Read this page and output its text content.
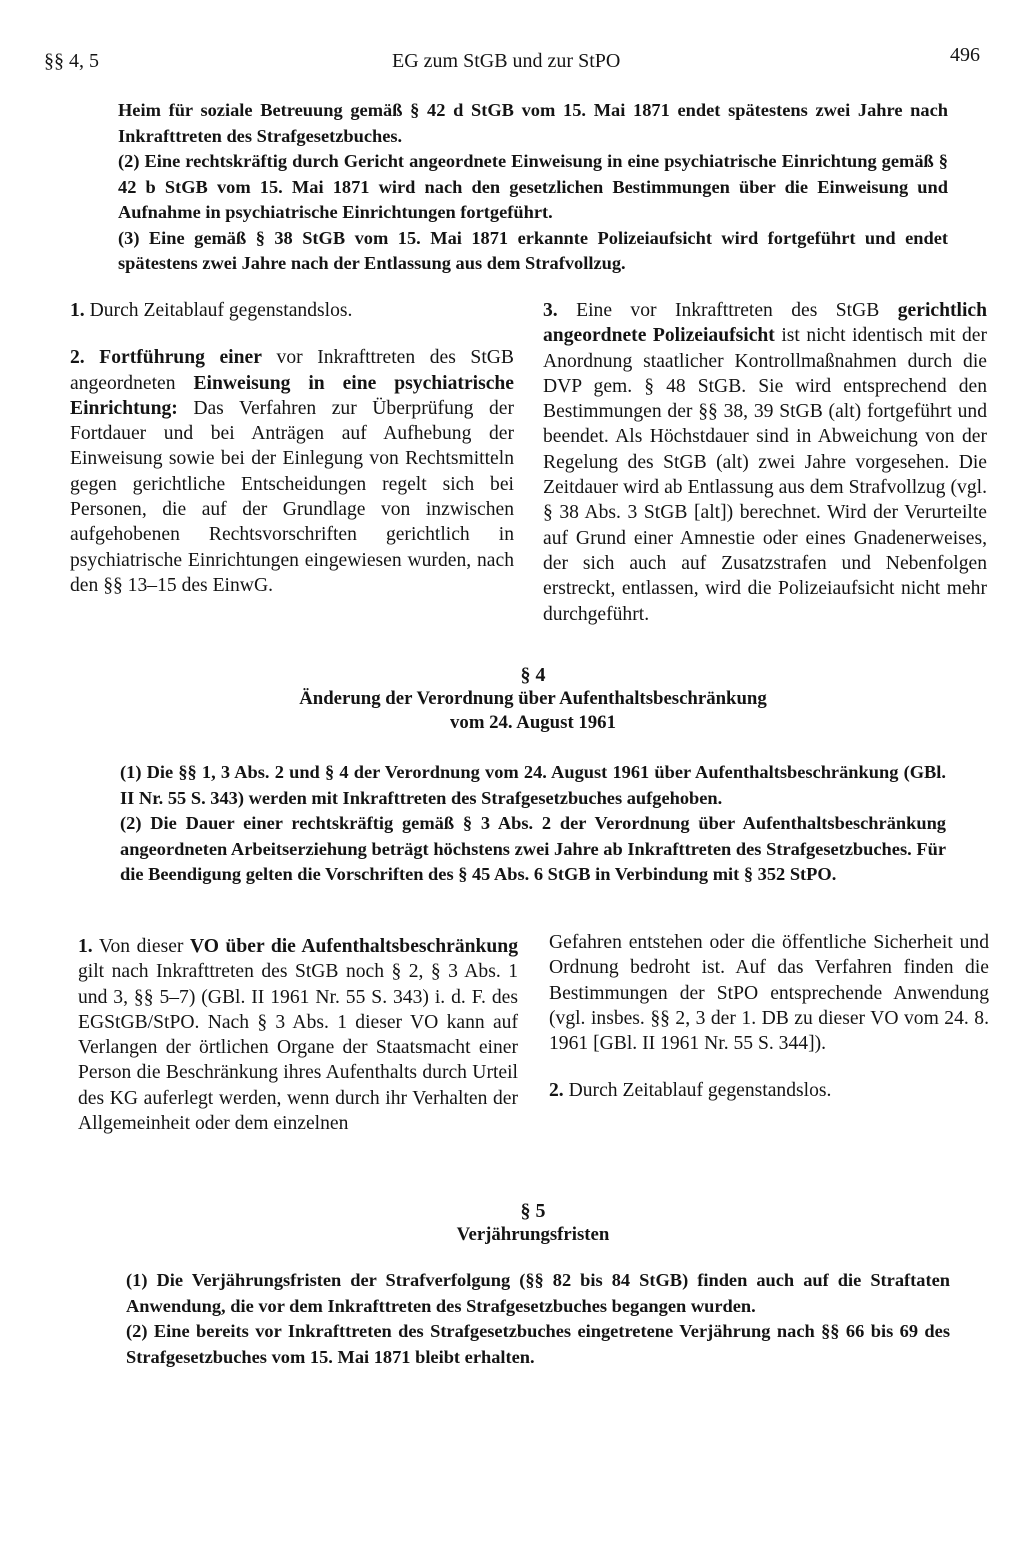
§§ 4, 5	EG zum StGB und zur StPO	496

Heim für soziale Betreuung gemäß § 42 d StGB vom 15. Mai 1871 endet spätestens zwei Jahre nach Inkrafttreten des Strafgesetzbuches.

(2) Eine rechtskräftig durch Gericht angeordnete Einweisung in eine psychiatrische Einrichtung gemäß § 42 b StGB vom 15. Mai 1871 wird nach den gesetzlichen Bestimmungen über die Einweisung und Aufnahme in psychiatrische Einrichtungen fortgeführt.

(3) Eine gemäß § 38 StGB vom 15. Mai 1871 erkannte Polizeiaufsicht wird fortgeführt und endet spätestens zwei Jahre nach der Entlassung aus dem Strafvollzug.

1. Durch Zeitablauf gegenstandslos.

2. Fortführung einer vor Inkrafttreten des StGB angeordneten Einweisung in eine psychiatrische Einrichtung: Das Verfahren zur Überprüfung der Fortdauer und bei Anträgen auf Aufhebung der Einweisung sowie bei der Einlegung von Rechtsmitteln gegen gerichtliche Entscheidungen regelt sich bei Personen, die auf der Grundlage von inzwischen aufgehobenen Rechtsvorschriften gerichtlich in psychiatrische Einrichtungen eingewiesen wurden, nach den §§ 13–15 des EinwG.

3. Eine vor Inkrafttreten des StGB gerichtlich angeordnete Polizeiaufsicht ist nicht identisch mit der Anordnung staatlicher Kontrollmaßnahmen durch die DVP gem. § 48 StGB. Sie wird entsprechend den Bestimmungen der §§ 38, 39 StGB (alt) fortgeführt und beendet. Als Höchstdauer sind in Abweichung von der Regelung des StGB (alt) zwei Jahre vorgesehen. Die Zeitdauer wird ab Entlassung aus dem Strafvollzug (vgl. § 38 Abs. 3 StGB [alt]) berechnet. Wird der Verurteilte auf Grund einer Amnestie oder eines Gnadenerweises, der sich auch auf Zusatzstrafen und Nebenfolgen erstreckt, entlassen, wird die Polizeiaufsicht nicht mehr durchgeführt.

§ 4
Änderung der Verordnung über Aufenthaltsbeschränkung
vom 24. August 1961

(1) Die §§ 1, 3 Abs. 2 und § 4 der Verordnung vom 24. August 1961 über Aufenthaltsbeschränkung (GBl. II Nr. 55 S. 343) werden mit Inkrafttreten des Strafgesetzbuches aufgehoben.

(2) Die Dauer einer rechtskräftig gemäß § 3 Abs. 2 der Verordnung über Aufenthaltsbeschränkung angeordneten Arbeitserziehung beträgt höchstens zwei Jahre ab Inkrafttreten des Strafgesetzbuches. Für die Beendigung gelten die Vorschriften des § 45 Abs. 6 StGB in Verbindung mit § 352 StPO.

1. Von dieser VO über die Aufenthaltsbeschränkung gilt nach Inkrafttreten des StGB noch § 2, § 3 Abs. 1 und 3, §§ 5–7) (GBl. II 1961 Nr. 55 S. 343) i. d. F. des EGStGB/StPO. Nach § 3 Abs. 1 dieser VO kann auf Verlangen der örtlichen Organe der Staatsmacht einer Person die Beschränkung ihres Aufenthalts durch Urteil des KG auferlegt werden, wenn durch ihr Verhalten der Allgemeinheit oder dem einzelnen

Gefahren entstehen oder die öffentliche Sicherheit und Ordnung bedroht ist. Auf das Verfahren finden die Bestimmungen der StPO entsprechende Anwendung (vgl. insbes. §§ 2, 3 der 1. DB zu dieser VO vom 24. 8. 1961 [GBl. II 1961 Nr. 55 S. 344]).

2. Durch Zeitablauf gegenstandslos.

§ 5
Verjährungsfristen

(1) Die Verjährungsfristen der Strafverfolgung (§§ 82 bis 84 StGB) finden auch auf die Straftaten Anwendung, die vor dem Inkrafttreten des Strafgesetzbuches begangen wurden.

(2) Eine bereits vor Inkrafttreten des Strafgesetzbuches eingetretene Verjährung nach §§ 66 bis 69 des Strafgesetzbuches vom 15. Mai 1871 bleibt erhalten.
